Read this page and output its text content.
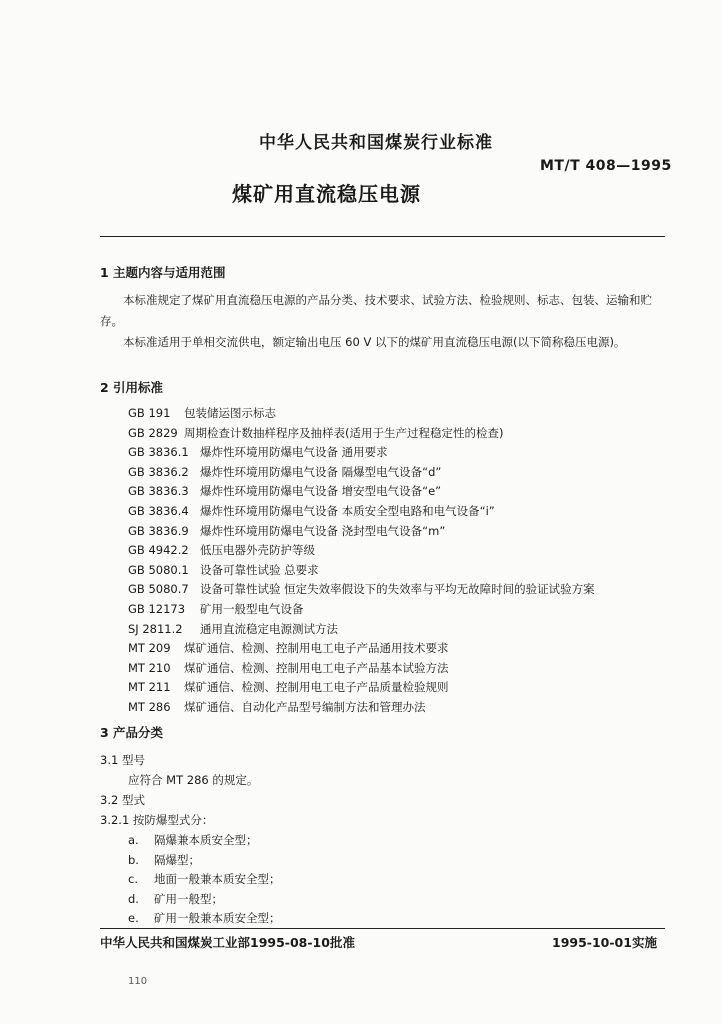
中华人民共和国煤炭行业标准
MT/T 408—1995
煤矿用直流稳压电源
1 主题内容与适用范围
本标准规定了煤矿用直流稳压电源的产品分类、技术要求、试验方法、检验规则、标志、包装、运输和贮存。
本标准适用于单相交流供电，额定输出电压 60 V 以下的煤矿用直流稳压电源(以下简称稳压电源)。
2 引用标准
GB 191 包装储运图示标志
GB 2829 周期检查计数抽样程序及抽样表(适用于生产过程稳定性的检查)
GB 3836.1 爆炸性环境用防爆电气设备 通用要求
GB 3836.2 爆炸性环境用防爆电气设备 隔爆型电气设备“d”
GB 3836.3 爆炸性环境用防爆电气设备 增安型电气设备“e”
GB 3836.4 爆炸性环境用防爆电气设备 本质安全型电路和电气设备“i”
GB 3836.9 爆炸性环境用防爆电气设备 浇封型电气设备“m”
GB 4942.2 低压电器外壳防护等级
GB 5080.1 设备可靠性试验 总要求
GB 5080.7 设备可靠性试验 恒定失效率假设下的失效率与平均无故障时间的验证试验方案
GB 12173 矿用一般型电气设备
SJ 2811.2 通用直流稳定电源测试方法
MT 209 煤矿通信、检测、控制用电工电子产品通用技术要求
MT 210 煤矿通信、检测、控制用电工电子产品基本试验方法
MT 211 煤矿通信、检测、控制用电工电子产品质量检验规则
MT 286 煤矿通信、自动化产品型号编制方法和管理办法
3 产品分类
3.1 型号
应符合 MT 286 的规定。
3.2 型式
3.2.1 按防爆型式分：
a. 隔爆兼本质安全型；
b. 隔爆型；
c. 地面一般兼本质安全型；
d. 矿用一般型；
e. 矿用一般兼本质安全型；
中华人民共和国煤炭工业部1995-08-10批准	1995-10-01实施
110
